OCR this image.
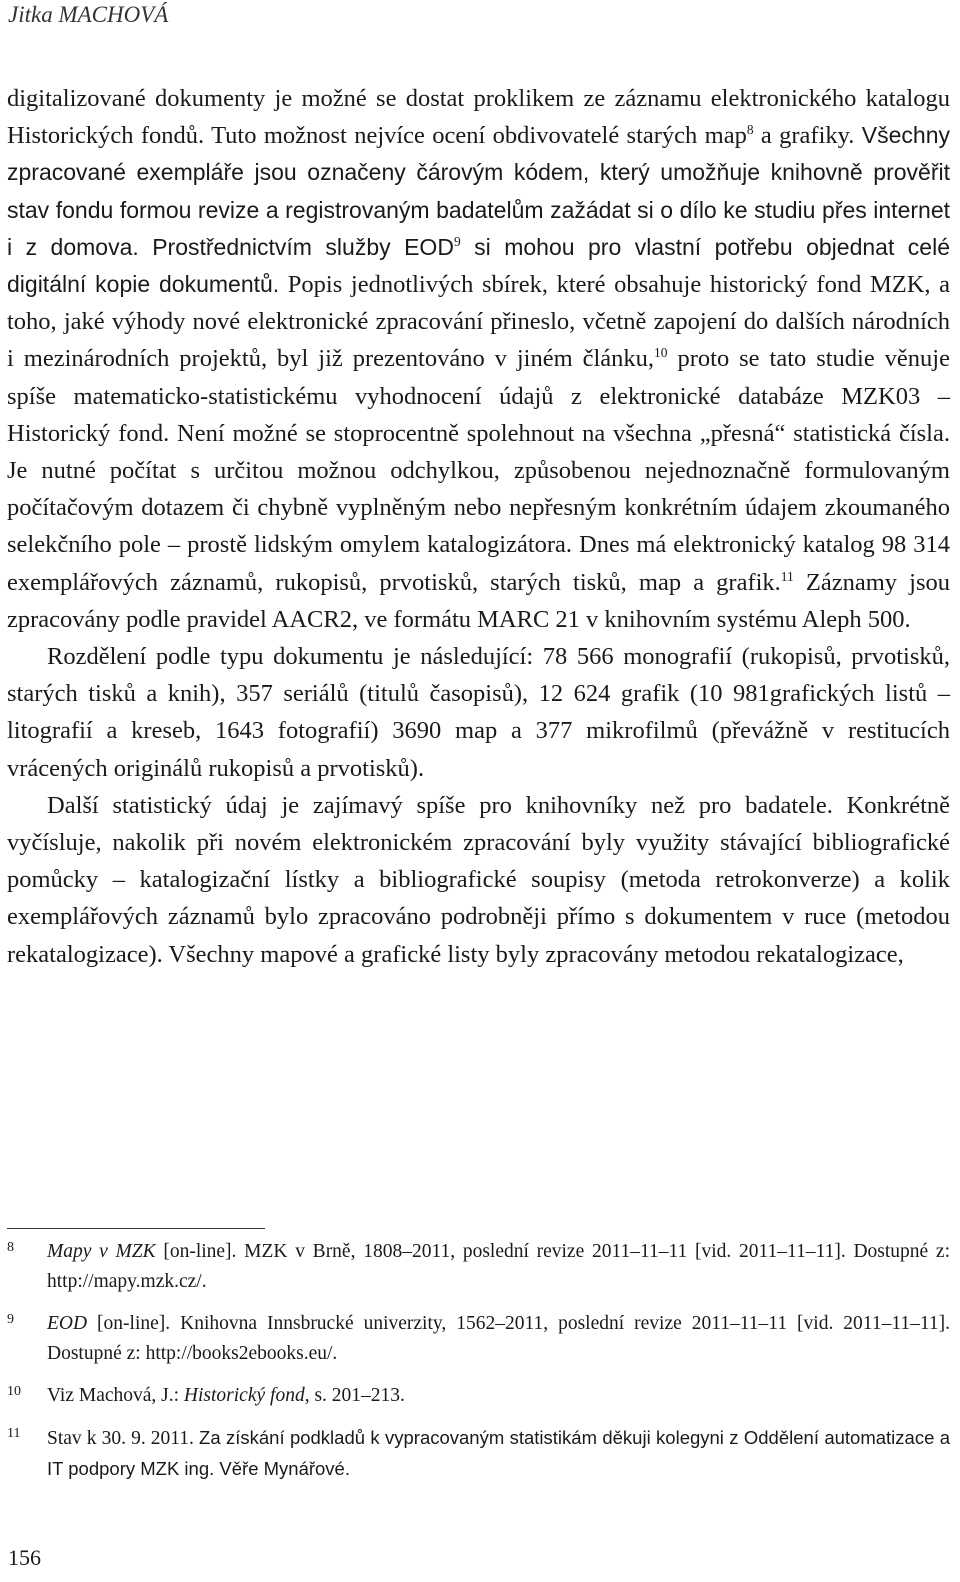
Jitka MACHOVÁ

digitalizované dokumenty je možné se dostat proklikem ze záznamu elektronického katalogu Historických fondů. Tuto možnost nejvíce ocení obdivovatelé starých map$^8$ a grafiky. Všechny zpracované exempláře jsou označeny čárovým kódem, který umožňuje knihovně prověřit stav fondu formou revize a registrovaným badatelům zažádat si o dílo ke studiu přes internet i z domova. Prostřednictvím služby EOD$^9$ si mohou pro vlastní potřebu objednat celé digitální kopie dokumentů. Popis jednotlivých sbírek, které obsahuje historický fond MZK, a toho, jaké výhody nové elektronické zpracování přineslo, včetně zapojení do dalších národních i mezinárodních projektů, byl již prezentováno v jiném článku,$^{10}$ proto se tato studie věnuje spíše matematicko-statistickému vyhodnocení údajů z elektronické databáze MZK03 – Historický fond. Není možné se stoprocentně spolehnout na všechna „přesná“ statistická čísla. Je nutné počítat s určitou možnou odchylkou, způsobenou nejednoznačně formulovaným počítačovým dotazem či chybně vyplněným nebo nepřesným konkrétním údajem zkoumaného selekčního pole – prostě lidským omylem katalogizátora. Dnes má elektronický katalog 98 314 exemplářových záznamů, rukopisů, prvotisků, starých tisků, map a grafik.$^{11}$ Záznamy jsou zpracovány podle pravidel AACR2, ve formátu MARC 21 v knihovním systému Aleph 500.

Rozdělení podle typu dokumentu je následující: 78 566 monografií (rukopisů, prvotisků, starých tisků a knih), 357 seriálů (titulů časopisů), 12 624 grafik (10 981grafických listů – litografií a kreseb, 1643 fotografií) 3690 map a 377 mikrofilmů (převážně v restitucích vrácených originálů rukopisů a prvotisků).

Další statistický údaj je zajímavý spíše pro knihovníky než pro badatele. Konkrétně vyčísluje, nakolik při novém elektronickém zpracování byly využity stávající bibliografické pomůcky – katalogizační lístky a bibliografické soupisy (metoda retrokonverze) a kolik exemplářových záznamů bylo zpracováno podrobněji přímo s dokumentem v ruce (metodou rekatalogizace). Všechny mapové a grafické listy byly zpracovány metodou rekatalogizace,

8 Mapy v MZK [on-line]. MZK v Brně, 1808–2011, poslední revize 2011–11–11 [vid. 2011–11–11]. Dostupné z: http://mapy.mzk.cz/.
9 EOD [on-line]. Knihovna Innsbrucké univerzity, 1562–2011, poslední revize 2011–11–11 [vid. 2011–11–11]. Dostupné z: http://books2ebooks.eu/.
10 Viz Machová, J.: Historický fond, s. 201–213.
11 Stav k 30. 9. 2011. Za získání podkladů k vypracovaným statistikám děkuji kolegyni z Oddělení automatizace a IT podpory MZK ing. Věře Mynářové.
156
